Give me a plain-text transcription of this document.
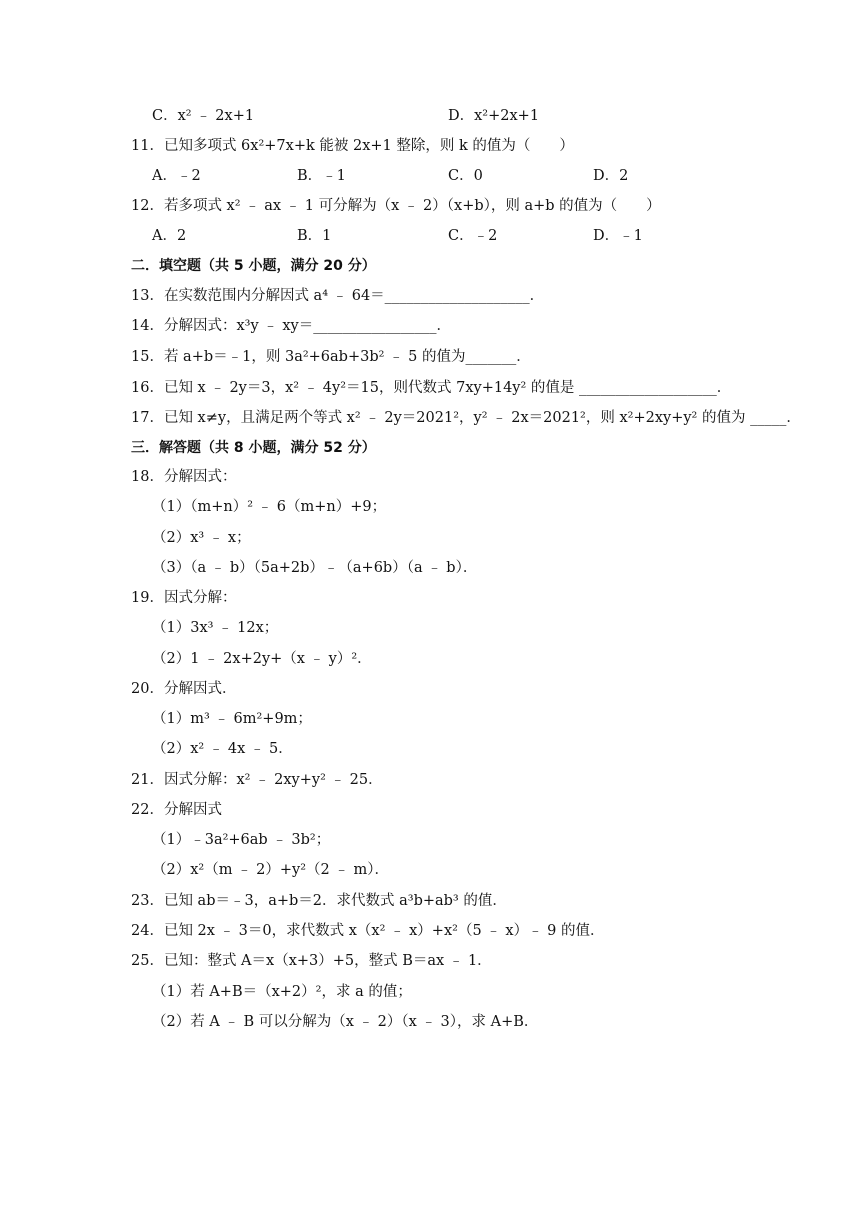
C．x² ﹣ 2x+1	D．x²+2x+1
11．已知多项式 6x²+7x+k 能被 2x+1 整除，则 k 的值为（　　）
A．﹣2	B．﹣1	C．0	D．2
12．若多项式 x² ﹣ ax ﹣ 1 可分解为（x ﹣ 2）（x+b），则 a+b 的值为（　　）
A．2	B．1	C．﹣2	D．﹣1
二．填空题（共 5 小题，满分 20 分）
13．在实数范围内分解因式 a⁴ ﹣ 64＝____________________．
14．分解因式：x³y ﹣ xy＝_________________．
15．若 a+b＝﹣1，则 3a²+6ab+3b² ﹣ 5 的值为_______．
16．已知 x ﹣ 2y＝3，x² ﹣ 4y²＝15，则代数式 7xy+14y² 的值是 ___________________．
17．已知 x≠y，且满足两个等式 x² ﹣ 2y＝2021²，y² ﹣ 2x＝2021²，则 x²+2xy+y² 的值为 _____．
三．解答题（共 8 小题，满分 52 分）
18．分解因式：
（1）（m+n）² ﹣ 6（m+n）+9；
（2）x³ ﹣ x；
（3）（a ﹣ b）（5a+2b）﹣（a+6b）（a ﹣ b）．
19．因式分解：
（1）3x³ ﹣ 12x；
（2）1 ﹣ 2x+2y+（x ﹣ y）²．
20．分解因式．
（1）m³ ﹣ 6m²+9m；
（2）x² ﹣ 4x ﹣ 5．
21．因式分解：x² ﹣ 2xy+y² ﹣ 25．
22．分解因式
（1）﹣3a²+6ab ﹣ 3b²；
（2）x²（m ﹣ 2）+y²（2 ﹣ m）．
23．已知 ab＝﹣3，a+b＝2．求代数式 a³b+ab³ 的值．
24．已知 2x ﹣ 3＝0，求代数式 x（x² ﹣ x）+x²（5 ﹣ x）﹣ 9 的值．
25．已知：整式 A＝x（x+3）+5，整式 B＝ax ﹣ 1．
（1）若 A+B＝（x+2）²，求 a 的值；
（2）若 A ﹣ B 可以分解为（x ﹣ 2）（x ﹣ 3），求 A+B．
